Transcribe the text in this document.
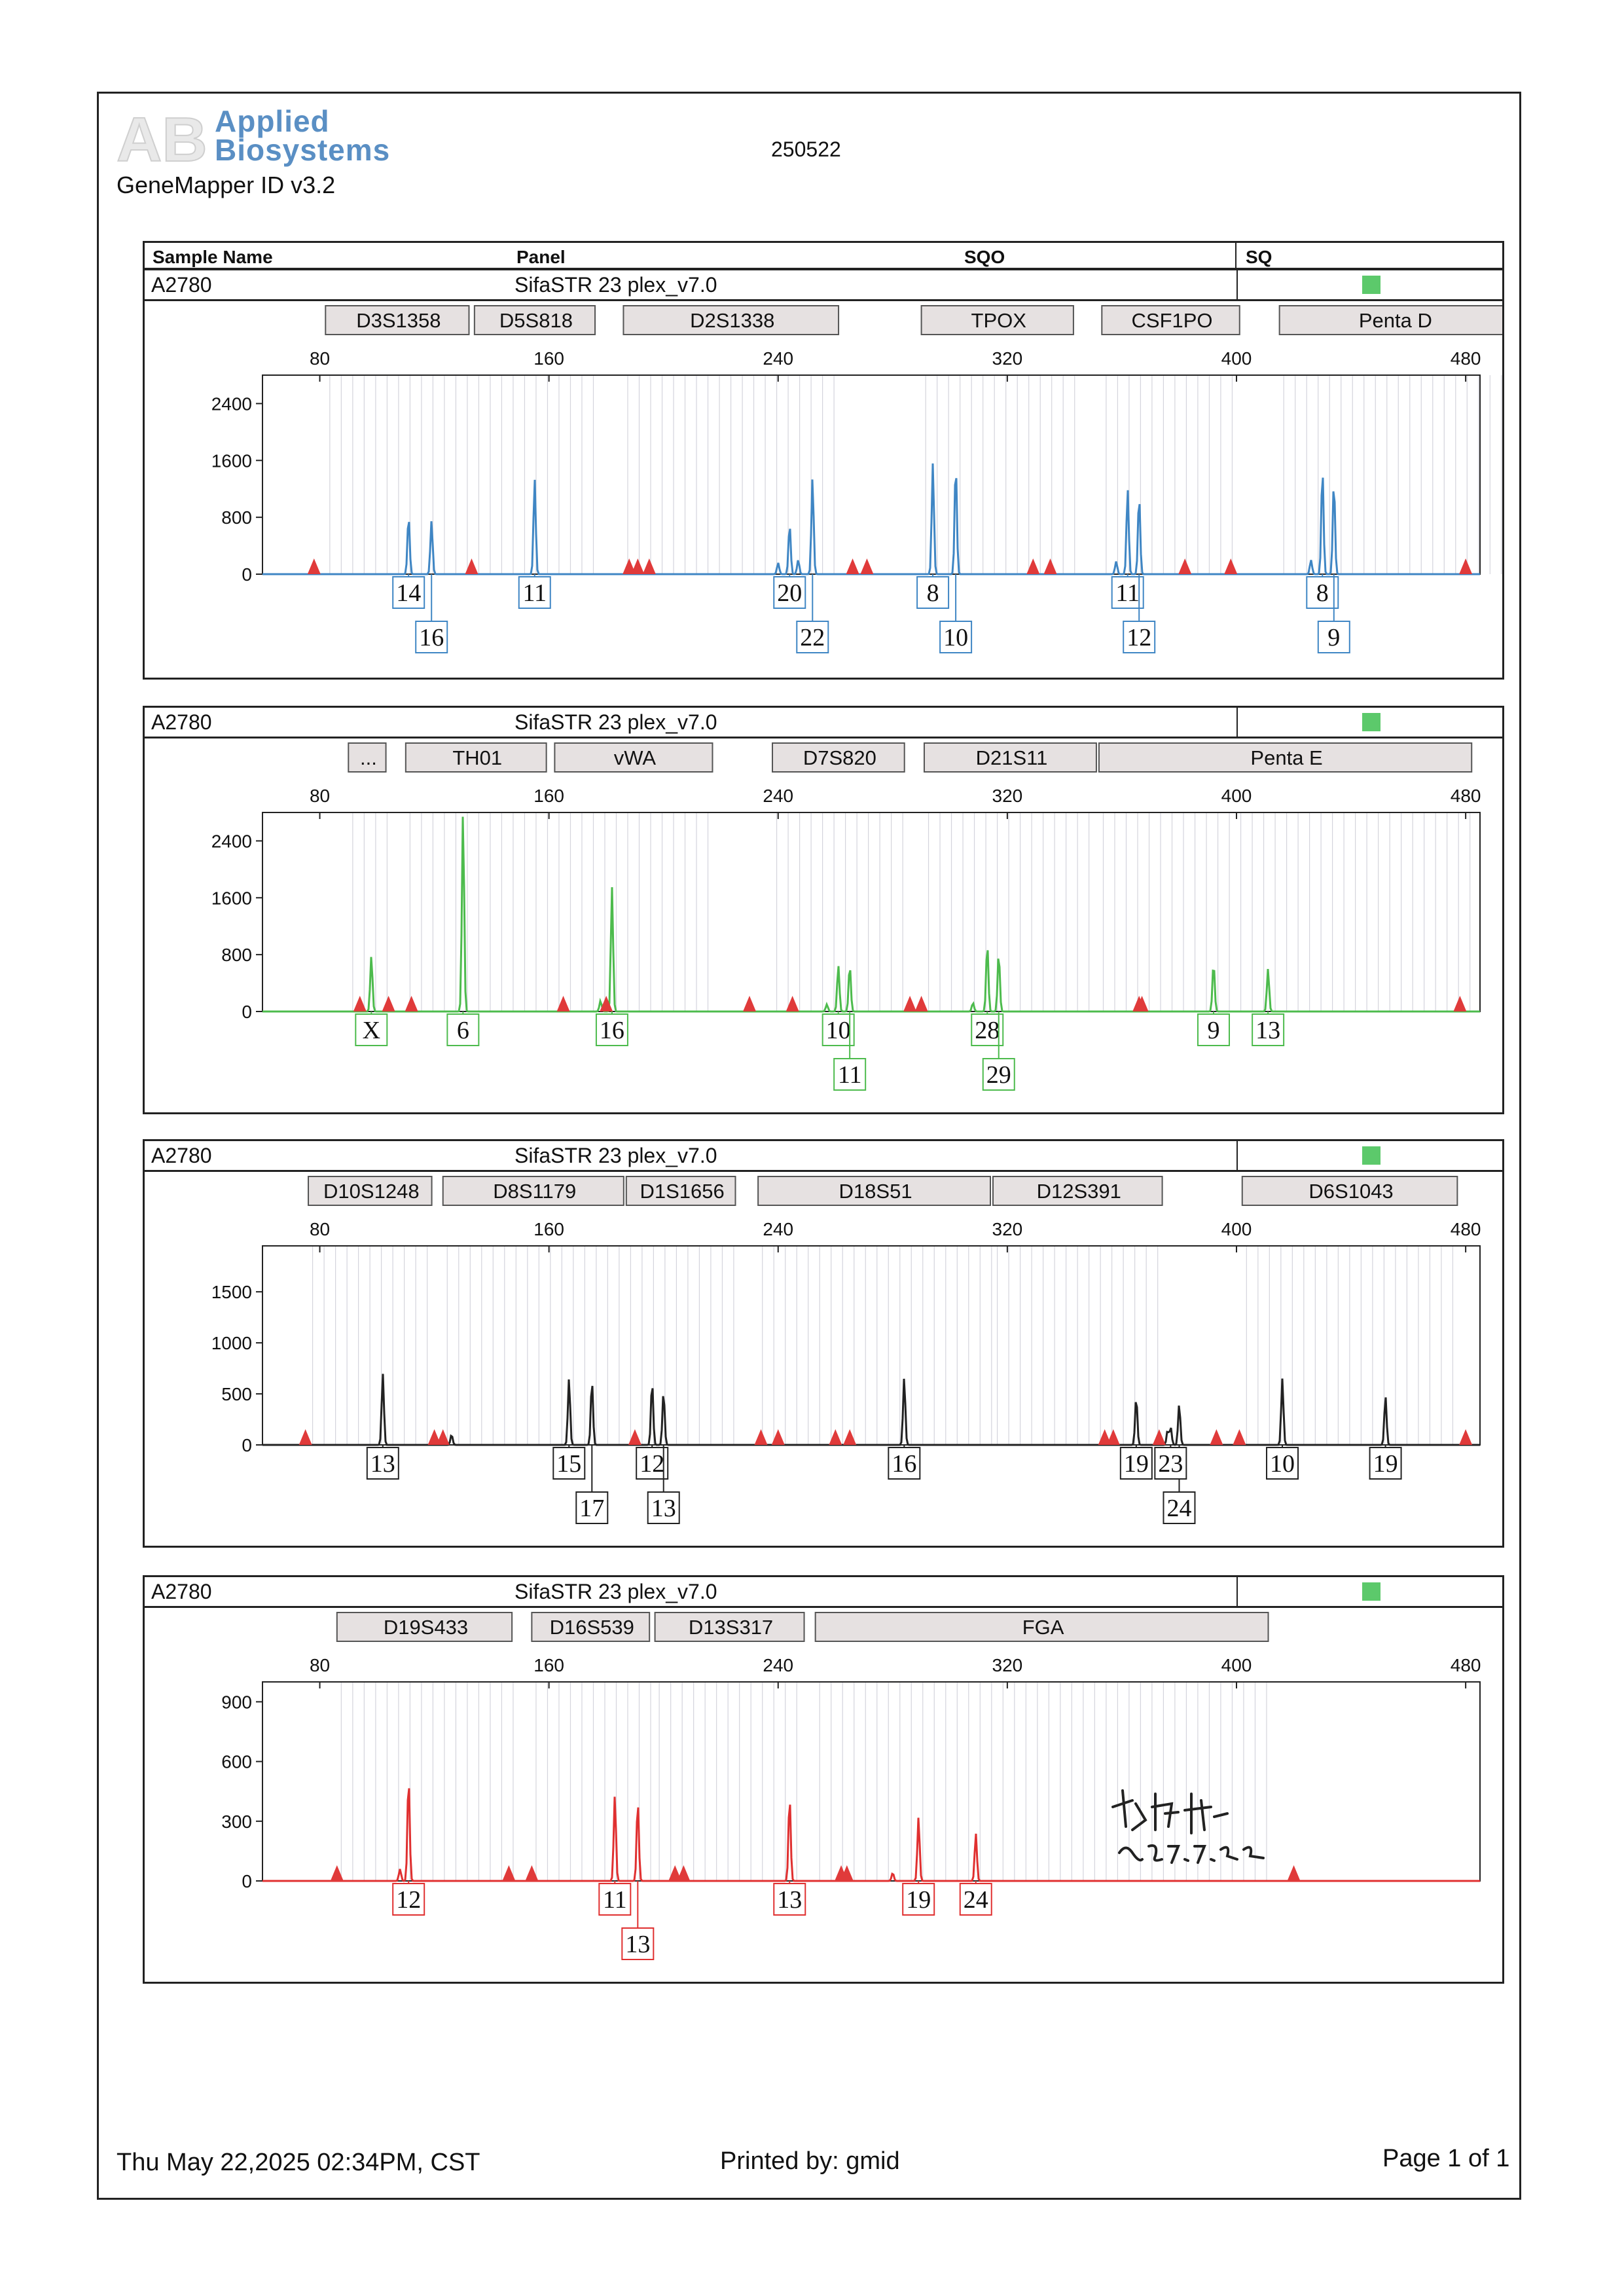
AB Applied
Biosystems
GeneMapper ID v3.2
250522
Sample Name	Panel	SQO	SQ
A2780	SifaSTR 23 plex_v7.0
D3S1358	D5S818	D2S1338	TPOX	CSF1PO	Penta D
80	160	240	320	400	480
0
800
1600
2400
14
16
11	20
22
8
10
11
12
8
9
A2780	SifaSTR 23 plex_v7.0
...	TH01	vWA	D7S820	D21S11	Penta E
80	160	240	320	400	480
0
800
1600
2400
X	6	16	10
11
28
29
9 13
A2780	SifaSTR 23 plex_v7.0
D10S1248	D8S1179	D1S1656	D18S51	D12S391	D6S1043
80	160	240	320	400	480
0
500
1000
1500
13	15
17
12
13
16	19
24
23	10	19
A2780	SifaSTR 23 plex_v7.0
D19S433	D16S539	D13S317	FGA
80	160	240	320	400	480
0
300
600
900
12	11
13
13	19 24
Thu May 22,2025 02:34PM, CST	Printed by: gmid	Page 1 of 1
